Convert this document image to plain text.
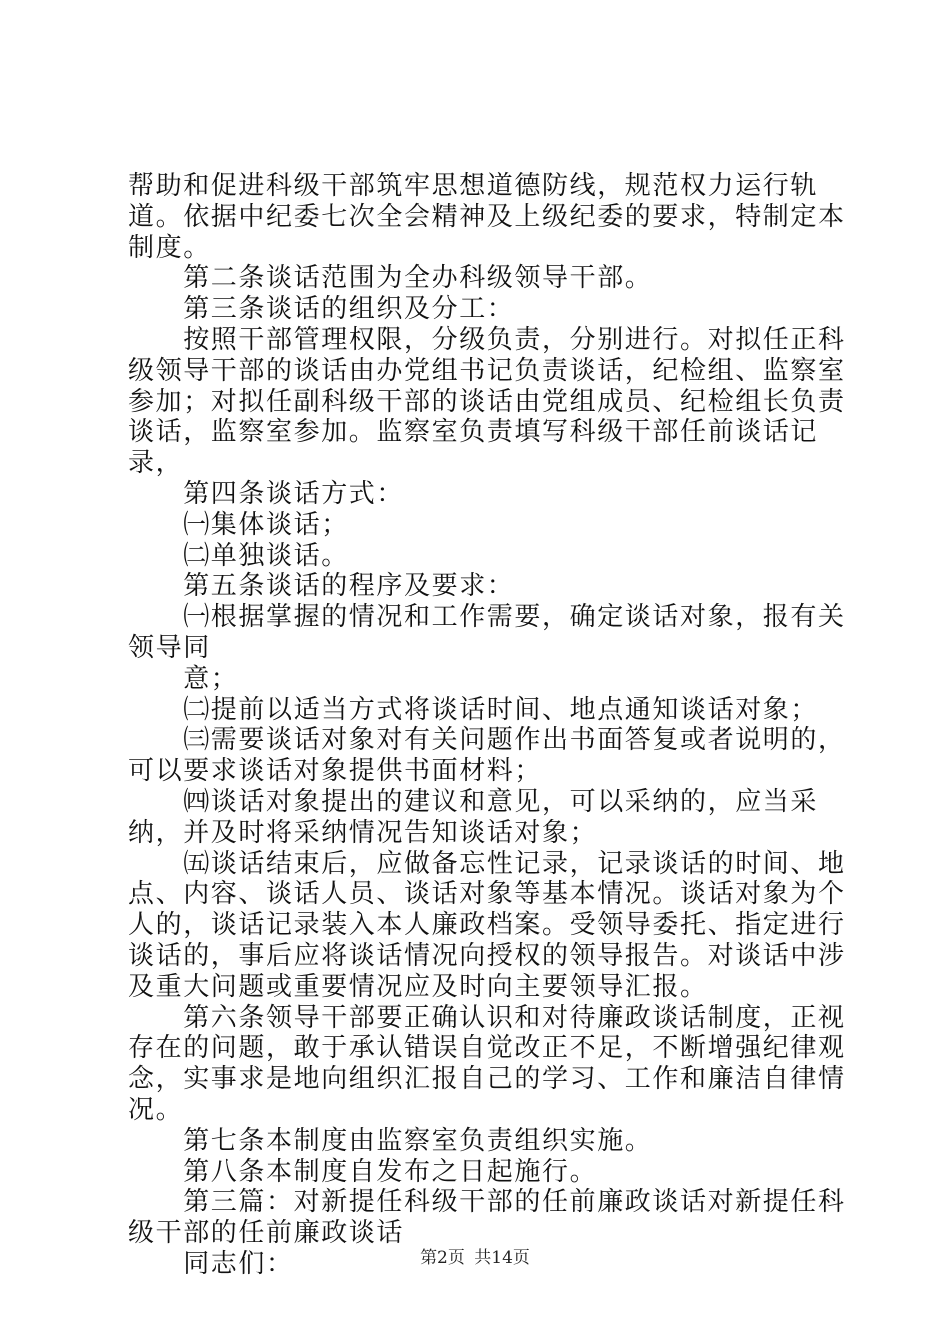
帮助和促进科级干部筑牢思想道德防线，规范权力运行轨道。依据中纪委七次全会精神及上级纪委的要求，特制定本制度。

　　第二条谈话范围为全办科级领导干部。

　　第三条谈话的组织及分工：

　　按照干部管理权限，分级负责，分别进行。对拟任正科级领导干部的谈话由办党组书记负责谈话，纪检组、监察室参加；对拟任副科级干部的谈话由党组成员、纪检组长负责谈话，监察室参加。监察室负责填写科级干部任前谈话记录，

　　第四条谈话方式：

　　㈠集体谈话；

　　㈡单独谈话。

　　第五条谈话的程序及要求：

　　㈠根据掌握的情况和工作需要，确定谈话对象，报有关领导同

　　意；

　　㈡提前以适当方式将谈话时间、地点通知谈话对象；

　　㈢需要谈话对象对有关问题作出书面答复或者说明的，可以要求谈话对象提供书面材料；

　　㈣谈话对象提出的建议和意见，可以采纳的，应当采纳，并及时将采纳情况告知谈话对象；

　　㈤谈话结束后，应做备忘性记录，记录谈话的时间、地点、内容、谈话人员、谈话对象等基本情况。谈话对象为个人的，谈话记录装入本人廉政档案。受领导委托、指定进行谈话的，事后应将谈话情况向授权的领导报告。对谈话中涉及重大问题或重要情况应及时向主要领导汇报。

　　第六条领导干部要正确认识和对待廉政谈话制度，正视存在的问题，敢于承认错误自觉改正不足，不断增强纪律观念，实事求是地向组织汇报自己的学习、工作和廉洁自律情况。

　　第七条本制度由监察室负责组织实施。

　　第八条本制度自发布之日起施行。

　　第三篇：对新提任科级干部的任前廉政谈话对新提任科级干部的任前廉政谈话

　　同志们：	第2页 共14页
